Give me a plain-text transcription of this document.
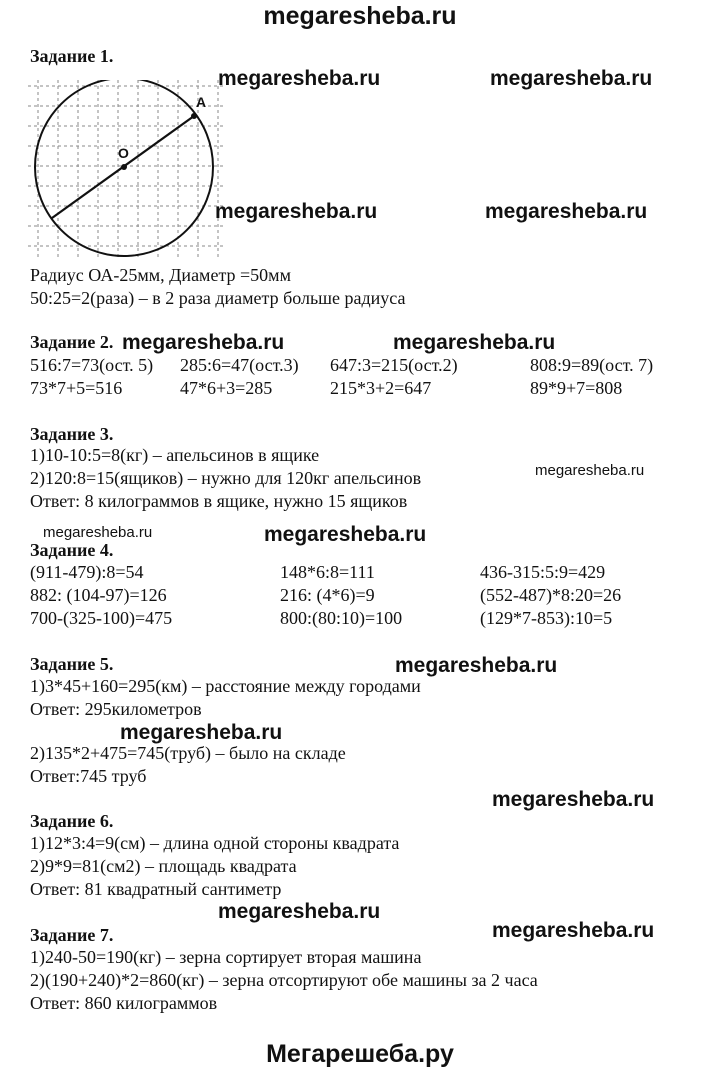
megaresheba.ru
Задание 1.
O
A
megaresheba.ru	megaresheba.ru
megaresheba.ru	megaresheba.ru
Радиус ОА-25мм, Диаметр =50мм
50:25=2(раза) – в 2 раза диаметр больше радиуса
Задание 2. megaresheba.ru	megaresheba.ru
516:7=73(ост. 5) 285:6=47(ост.3) 647:3=215(ост.2)	808:9=89(ост. 7)
73*7+5=516	47*6+3=285	215*3+2=647	89*9+7=808
Задание 3.
1)10-10:5=8(кг) – апельсинов в ящике
2)120:8=15(ящиков) – нужно для 120кг апельсинов	megaresheba.ru
Ответ: 8 килограммов в ящике, нужно 15 ящиков
megaresheba.ru	megaresheba.ru
Задание 4.
(911-479):8=54	148*6:8=111	436-315:5:9=429
882: (104-97)=126	216: (4*6)=9	(552-487)*8:20=26
700-(325-100)=475	800:(80:10)=100	(129*7-853):10=5
Задание 5.	megaresheba.ru
1)3*45+160=295(км) – расстояние между городами
Ответ: 295километров
megaresheba.ru
2)135*2+475=745(труб) – было на складе
Ответ:745 труб
megaresheba.ru
Задание 6.
1)12*3:4=9(см) – длина одной стороны квадрата
2)9*9=81(см2) – площадь квадрата
Ответ: 81 квадратный сантиметр
megaresheba.ru
megaresheba.ru
Задание 7.
1)240-50=190(кг) – зерна сортирует вторая машина
2)(190+240)*2=860(кг) – зерна отсортируют обе машины за 2 часа
Ответ: 860 килограммов
Мегарешеба.ру
